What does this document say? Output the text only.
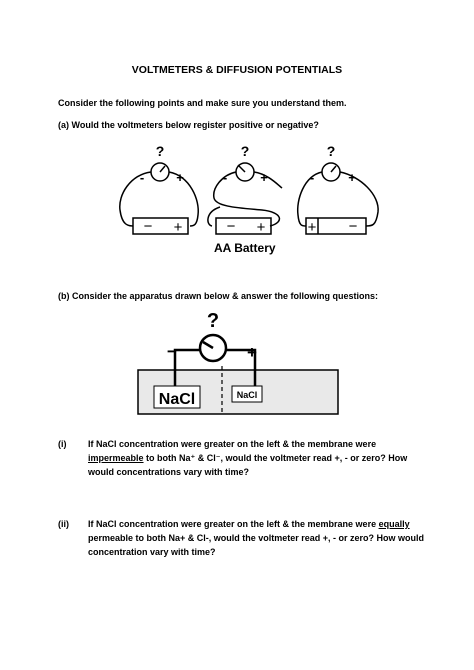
VOLTMETERS & DIFFUSION POTENTIALS
Consider the following points and make sure you understand them.
(a) Would the voltmeters below register positive or negative?
?	?	?
- +	-	+	-	+
− +	− +	+ −
AA Battery
(b) Consider the apparatus drawn below & answer the following questions:
?
−	+
NaCl	NaCl
(i) If NaCl concentration were greater on the left & the membrane were impermeable to both Na⁺ & Cl⁻, would the voltmeter read +, - or zero? How would concentrations vary with time?
(ii) If NaCl concentration were greater on the left & the membrane were equally permeable to both Na+ & Cl-, would the voltmeter read +, - or zero? How would concentration vary with time?
